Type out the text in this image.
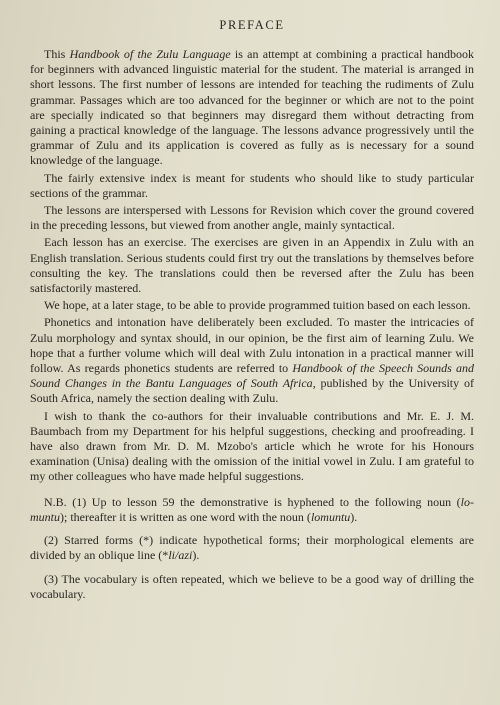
PREFACE

This Handbook of the Zulu Language is an attempt at combining a practical handbook for beginners with advanced linguistic material for the student. The material is arranged in short lessons. The first number of lessons are intended for teaching the rudiments of Zulu grammar. Passages which are too advanced for the beginner or which are not to the point are specially indicated so that beginners may disregard them without detracting from gaining a practical knowledge of the language. The lessons advance progressively until the grammar of Zulu and its application is covered as fully as is necessary for a sound knowledge of the language.

The fairly extensive index is meant for students who should like to study particular sections of the grammar.

The lessons are interspersed with Lessons for Revision which cover the ground covered in the preceding lessons, but viewed from another angle, mainly syntactical.

Each lesson has an exercise. The exercises are given in an Appendix in Zulu with an English translation. Serious students could first try out the translations by themselves before consulting the key. The translations could then be reversed after the Zulu has been satisfactorily mastered.

We hope, at a later stage, to be able to provide programmed tuition based on each lesson.

Phonetics and intonation have deliberately been excluded. To master the intricacies of Zulu morphology and syntax should, in our opinion, be the first aim of learning Zulu. We hope that a further volume which will deal with Zulu intonation in a practical manner will follow. As regards phonetics students are referred to Handbook of the Speech Sounds and Sound Changes in the Bantu Languages of South Africa, published by the University of South Africa, namely the section dealing with Zulu.

I wish to thank the co-authors for their invaluable contributions and Mr. E. J. M. Baumbach from my Department for his helpful suggestions, checking and proofreading. I have also drawn from Mr. D. M. Mzobo's article which he wrote for his Honours examination (Unisa) dealing with the omission of the initial vowel in Zulu. I am grateful to my other colleagues who have made helpful suggestions.

N.B. (1) Up to lesson 59 the demonstrative is hyphened to the following noun (lo-muntu); thereafter it is written as one word with the noun (lomuntu).

(2) Starred forms (*) indicate hypothetical forms; their morphological elements are divided by an oblique line (*li/azi).

(3) The vocabulary is often repeated, which we believe to be a good way of drilling the vocabulary.
